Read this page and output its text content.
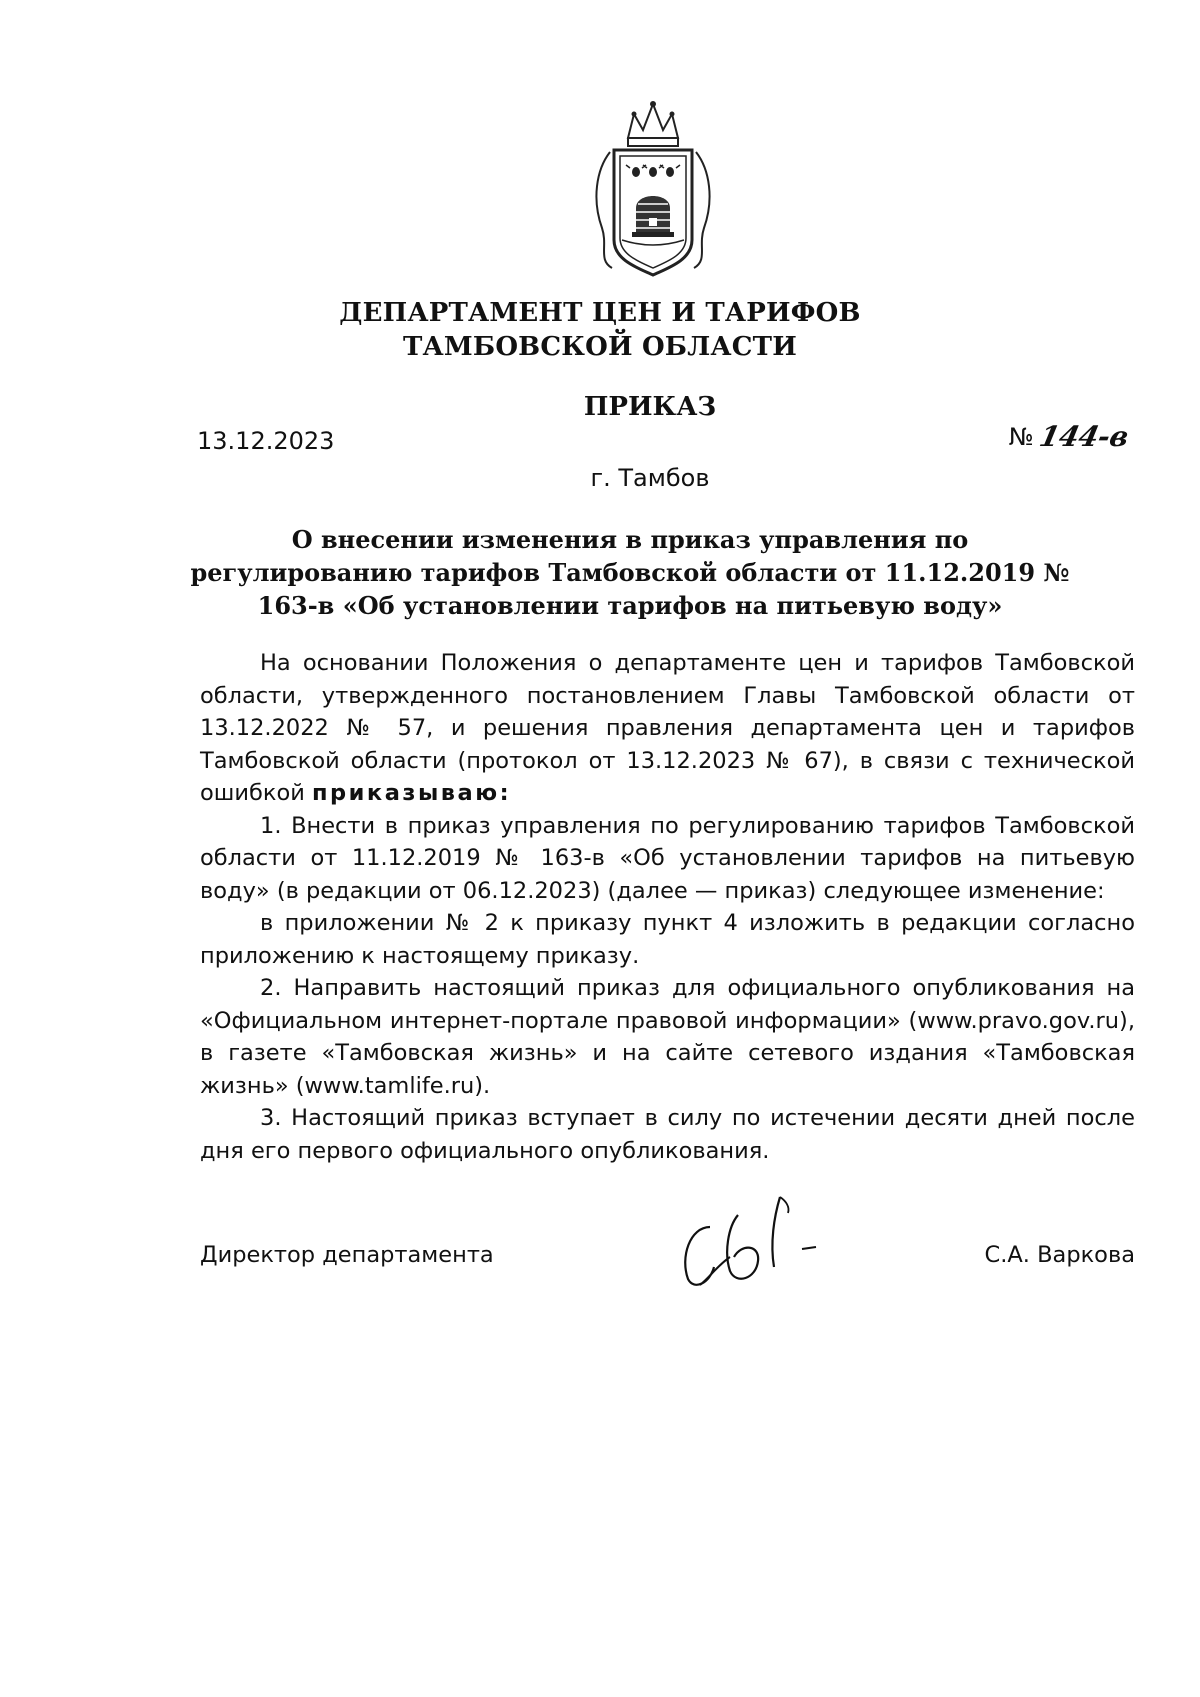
ДЕПАРТАМЕНТ ЦЕН И ТАРИФОВ
ТАМБОВСКОЙ ОБЛАСТИ
ПРИКАЗ
13.12.2023	№ 144-в
г. Тамбов
О внесении изменения в приказ управления по регулированию тарифов Тамбовской области от 11.12.2019 № 163-в «Об установлении тарифов на питьевую воду»

На основании Положения о департаменте цен и тарифов Тамбовской области, утвержденного постановлением Главы Тамбовской области от 13.12.2022 № 57, и решения правления департамента цен и тарифов Тамбовской области (протокол от 13.12.2023 № 67), в связи с технической ошибкой приказываю:

1. Внести в приказ управления по регулированию тарифов Тамбовской области от 11.12.2019 № 163-в «Об установлении тарифов на питьевую воду» (в редакции от 06.12.2023) (далее — приказ) следующее изменение:

в приложении № 2 к приказу пункт 4 изложить в редакции согласно приложению к настоящему приказу.

2. Направить настоящий приказ для официального опубликования на «Официальном интернет-портале правовой информации» (www.pravo.gov.ru), в газете «Тамбовская жизнь» и на сайте сетевого издания «Тамбовская жизнь» (www.tamlife.ru).

3. Настоящий приказ вступает в силу по истечении десяти дней после дня его первого официального опубликования.

Директор департамента	С.А. Варкова
